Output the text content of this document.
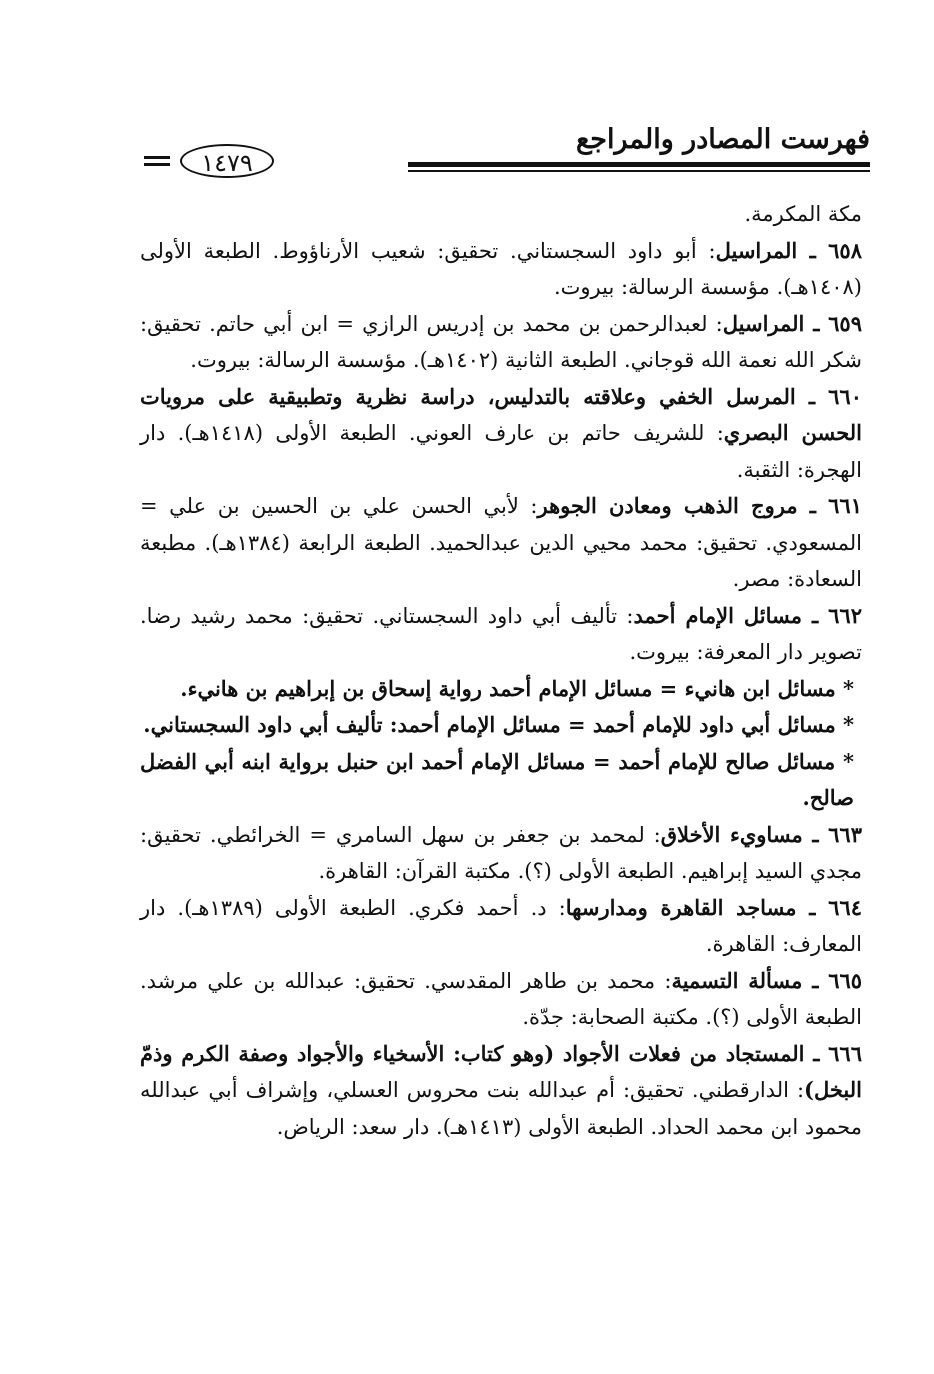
فهرست المصادر والمراجع
١٤٧٩

مكة المكرمة.

٦٥٨ ـ المراسيل: أبو داود السجستاني. تحقيق: شعيب الأرناؤوط. الطبعة الأولى (١٤٠٨هـ). مؤسسة الرسالة: بيروت.

٦٥٩ ـ المراسيل: لعبدالرحمن بن محمد بن إدريس الرازي = ابن أبي حاتم. تحقيق: شكر الله نعمة الله قوجاني. الطبعة الثانية (١٤٠٢هـ). مؤسسة الرسالة: بيروت.

٦٦٠ ـ المرسل الخفي وعلاقته بالتدليس، دراسة نظرية وتطبيقية على مرويات الحسن البصري: للشريف حاتم بن عارف العوني. الطبعة الأولى (١٤١٨هـ). دار الهجرة: الثقبة.

٦٦١ ـ مروج الذهب ومعادن الجوهر: لأبي الحسن علي بن الحسين بن علي = المسعودي. تحقيق: محمد محيي الدين عبدالحميد. الطبعة الرابعة (١٣٨٤هـ). مطبعة السعادة: مصر.

٦٦٢ ـ مسائل الإمام أحمد: تأليف أبي داود السجستاني. تحقيق: محمد رشيد رضا. تصوير دار المعرفة: بيروت.

* مسائل ابن هانيء = مسائل الإمام أحمد رواية إسحاق بن إبراهيم بن هانيء.

* مسائل أبي داود للإمام أحمد = مسائل الإمام أحمد: تأليف أبي داود السجستاني.

* مسائل صالح للإمام أحمد = مسائل الإمام أحمد ابن حنبل برواية ابنه أبي الفضل صالح.

٦٦٣ ـ مساويء الأخلاق: لمحمد بن جعفر بن سهل السامري = الخرائطي. تحقيق: مجدي السيد إبراهيم. الطبعة الأولى (؟). مكتبة القرآن: القاهرة.

٦٦٤ ـ مساجد القاهرة ومدارسها: د. أحمد فكري. الطبعة الأولى (١٣٨٩هـ). دار المعارف: القاهرة.

٦٦٥ ـ مسألة التسمية: محمد بن طاهر المقدسي. تحقيق: عبدالله بن علي مرشد. الطبعة الأولى (؟). مكتبة الصحابة: جدّة.

٦٦٦ ـ المستجاد من فعلات الأجواد (وهو كتاب: الأسخياء والأجواد وصفة الكرم وذمّ البخل): الدارقطني. تحقيق: أم عبدالله بنت محروس العسلي، وإشراف أبي عبدالله محمود ابن محمد الحداد. الطبعة الأولى (١٤١٣هـ). دار سعد: الرياض.
